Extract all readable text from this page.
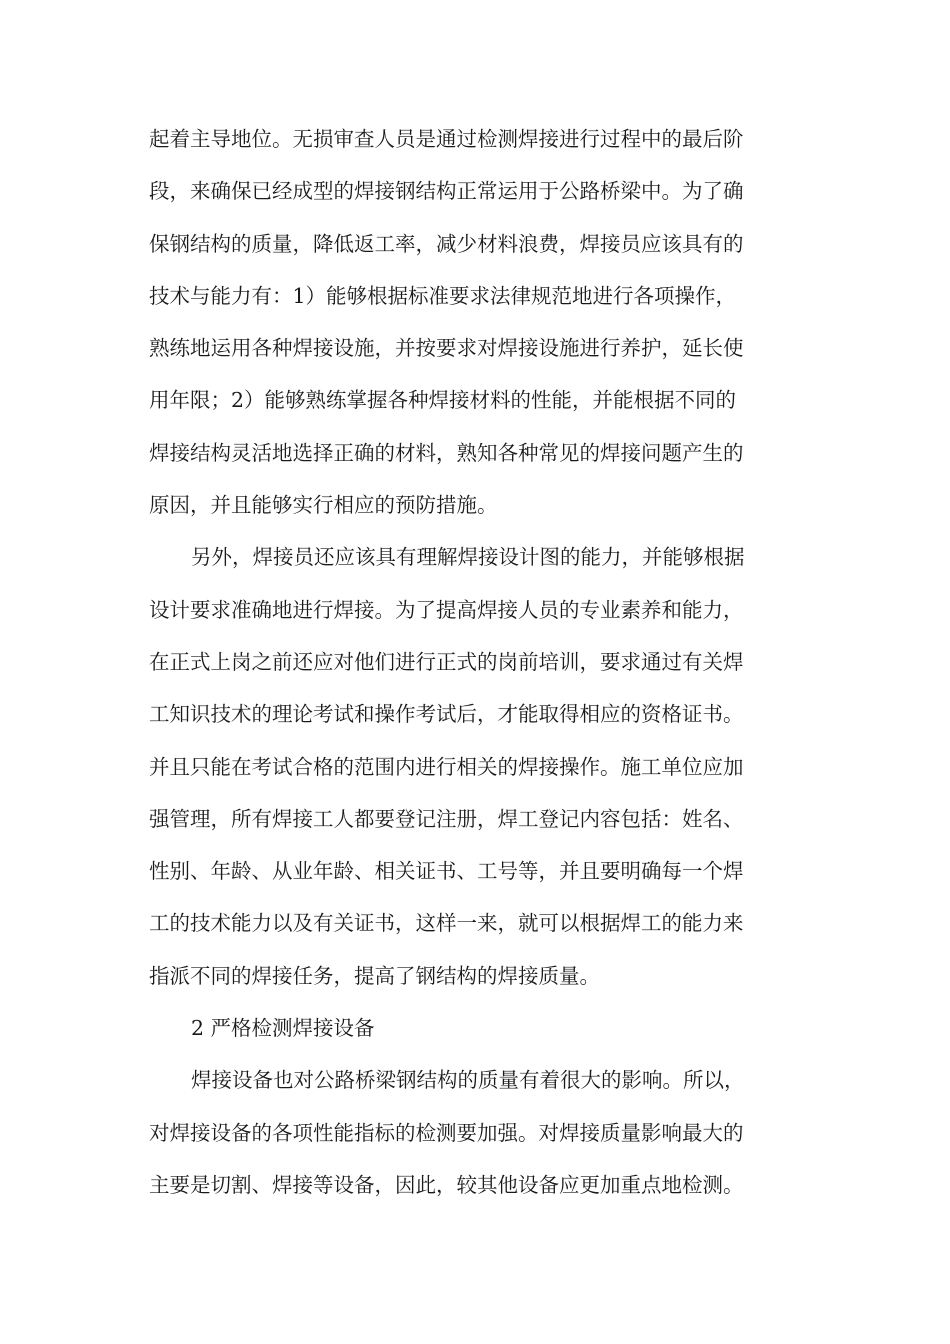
起着主导地位。无损审查人员是通过检测焊接进行过程中的最后阶
段，来确保已经成型的焊接钢结构正常运用于公路桥梁中。为了确
保钢结构的质量，降低返工率，减少材料浪费，焊接员应该具有的
技术与能力有：1）能够根据标准要求法律规范地进行各项操作，
熟练地运用各种焊接设施，并按要求对焊接设施进行养护，延长使
用年限；2）能够熟练掌握各种焊接材料的性能，并能根据不同的
焊接结构灵活地选择正确的材料，熟知各种常见的焊接问题产生的
原因，并且能够实行相应的预防措施。
另外，焊接员还应该具有理解焊接设计图的能力，并能够根据
设计要求准确地进行焊接。为了提高焊接人员的专业素养和能力，
在正式上岗之前还应对他们进行正式的岗前培训，要求通过有关焊
工知识技术的理论考试和操作考试后，才能取得相应的资格证书。
并且只能在考试合格的范围内进行相关的焊接操作。施工单位应加
强管理，所有焊接工人都要登记注册，焊工登记内容包括：姓名、
性别、年龄、从业年龄、相关证书、工号等，并且要明确每一个焊
工的技术能力以及有关证书，这样一来，就可以根据焊工的能力来
指派不同的焊接任务，提高了钢结构的焊接质量。
2 严格检测焊接设备
焊接设备也对公路桥梁钢结构的质量有着很大的影响。所以，
对焊接设备的各项性能指标的检测要加强。对焊接质量影响最大的
主要是切割、焊接等设备，因此，较其他设备应更加重点地检测。
